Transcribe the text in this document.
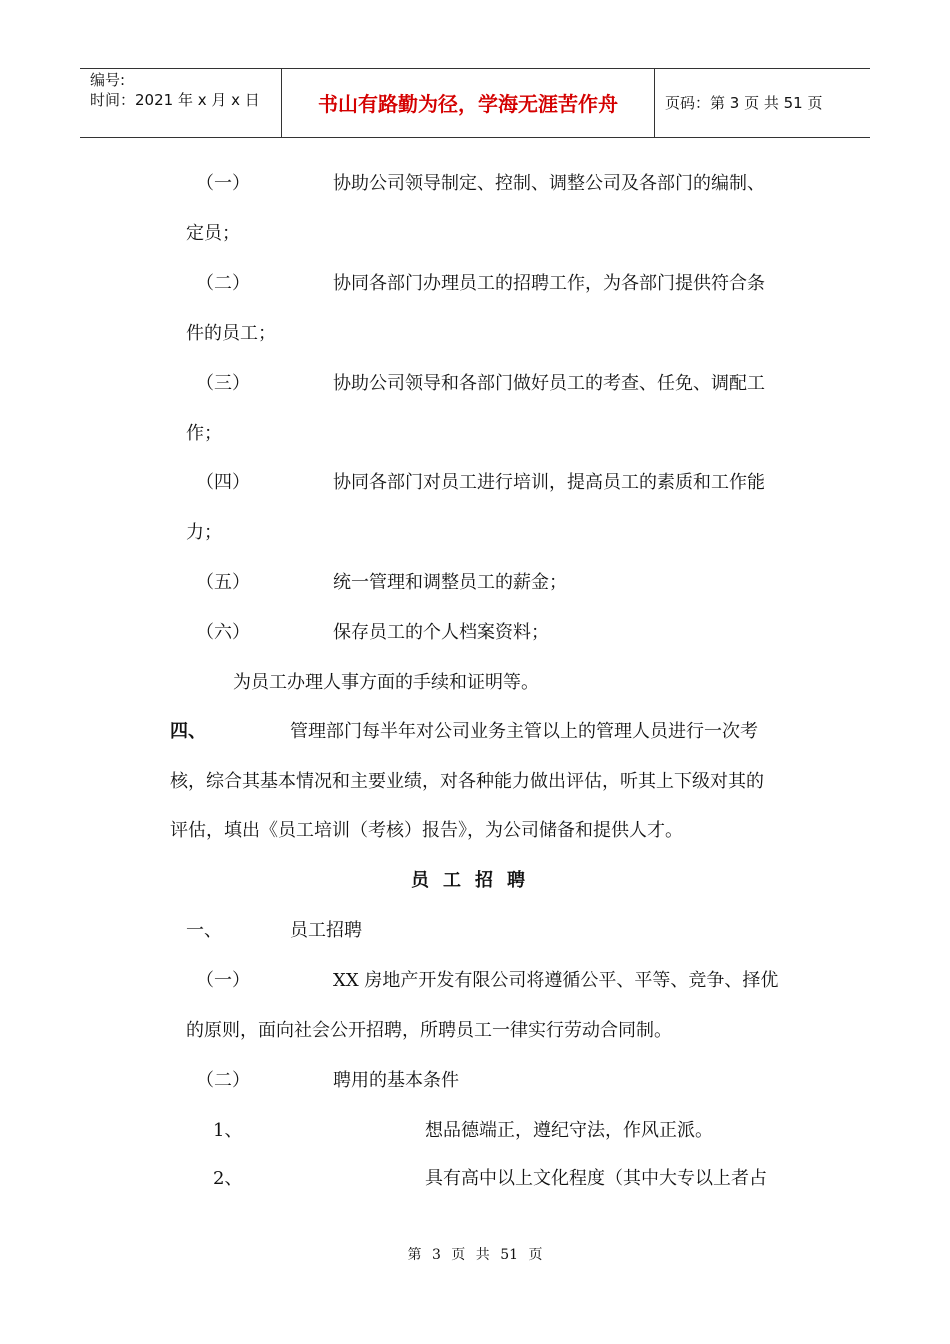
编号:
时间：2021 年 x 月 x 日	书山有路勤为径，学海无涯苦作舟	页码：第 3 页 共 51 页
（一）	协助公司领导制定、控制、调整公司及各部门的编制、
定员；
（二）	协同各部门办理员工的招聘工作，为各部门提供符合条
件的员工；
（三）	协助公司领导和各部门做好员工的考查、任免、调配工
作；
（四）	协同各部门对员工进行培训，提高员工的素质和工作能
力；
（五）	统一管理和调整员工的薪金；
（六）	保存员工的个人档案资料；
为员工办理人事方面的手续和证明等。
四、	管理部门每半年对公司业务主管以上的管理人员进行一次考
核，综合其基本情况和主要业绩，对各种能力做出评估，听其上下级对其的
评估，填出《员工培训（考核）报告》，为公司储备和提供人才。
员工招聘
一、	员工招聘
（一）	XX 房地产开发有限公司将遵循公平、平等、竞争、择优
的原则，面向社会公开招聘，所聘员工一律实行劳动合同制。
（二）	聘用的基本条件
1、	想品德端正，遵纪守法，作风正派。
2、	具有高中以上文化程度（其中大专以上者占
第 3 页 共 51 页
